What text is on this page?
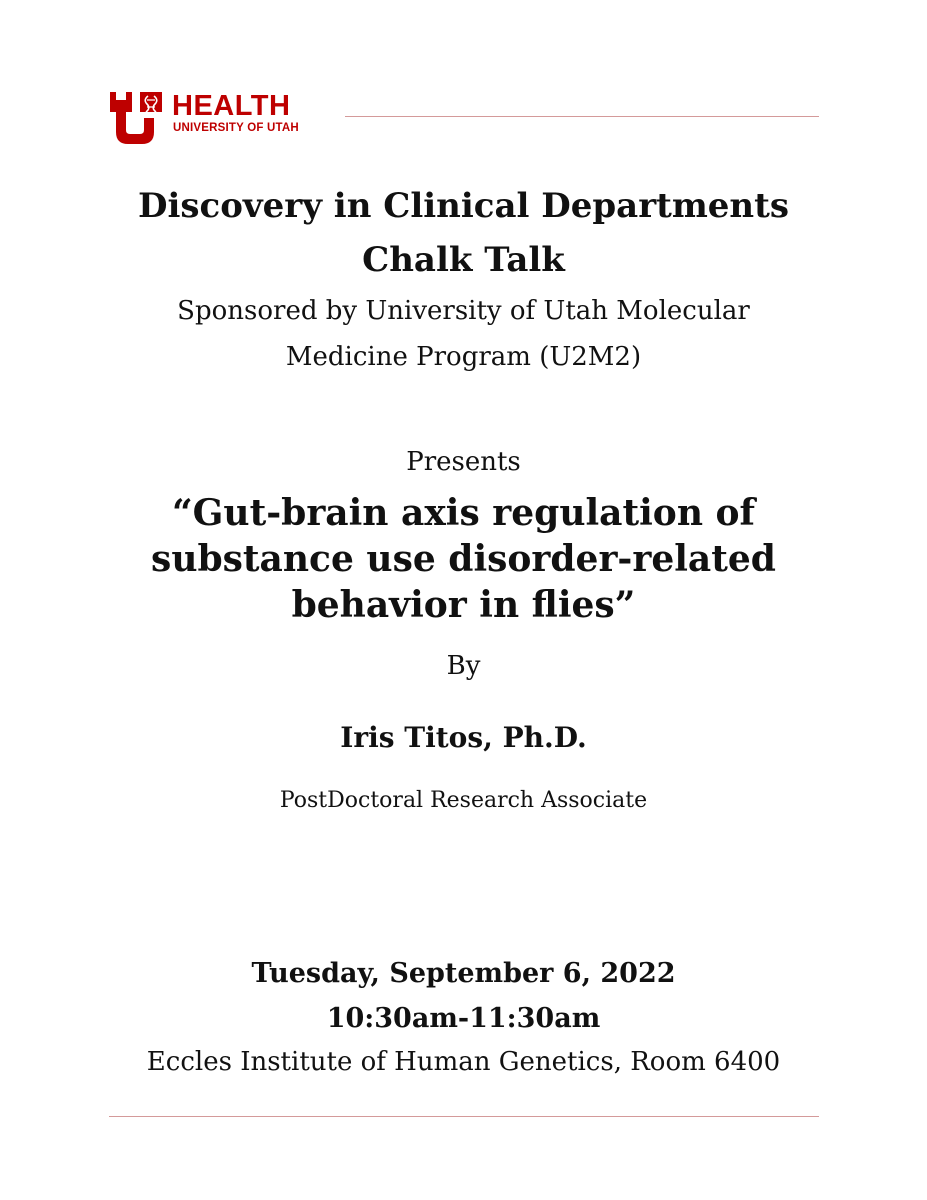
HEALTH
UNIVERSITY OF UTAH
Discovery in Clinical Departments
Chalk Talk
Sponsored by University of Utah Molecular
Medicine Program (U2M2)
Presents
“Gut-brain axis regulation of
substance use disorder-related
behavior in flies”
By
Iris Titos, Ph.D.
PostDoctoral Research Associate
Tuesday, September 6, 2022
10:30am-11:30am
Eccles Institute of Human Genetics, Room 6400
